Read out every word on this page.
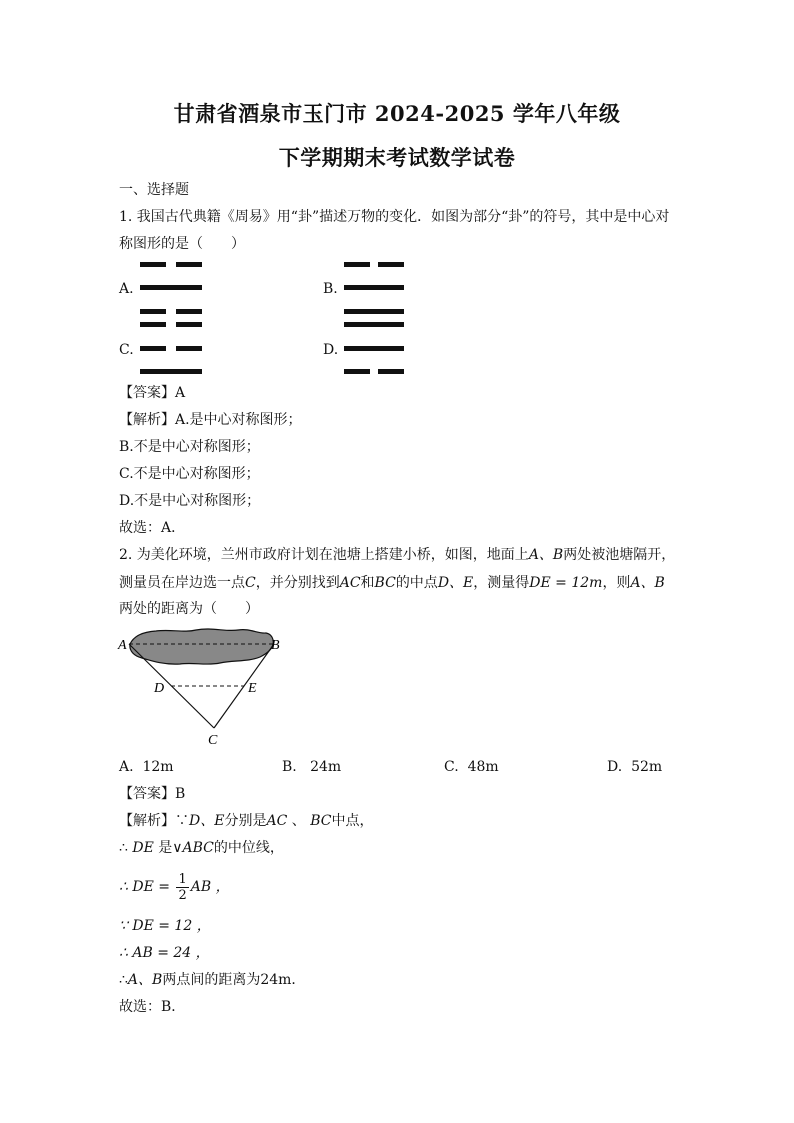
甘肃省酒泉市玉门市 2024-2025 学年八年级
下学期期末考试数学试卷
一、选择题
1. 我国古代典籍《周易》用“卦”描述万物的变化．如图为部分“卦”的符号，其中是中心对
称图形的是（　　）
A.	B.
C.	D.
【答案】A
【解析】A.是中心对称图形；
B.不是中心对称图形；
C.不是中心对称图形；
D.不是中心对称图形；
故选：A．
2. 为美化环境，兰州市政府计划在池塘上搭建小桥，如图，地面上A、B两处被池塘隔开，
测量员在岸边选一点C，并分别找到AC和BC的中点D、E，测量得DE = 12m，则A、B
两处的距离为（　　）
A	B
D	E
C
A. 12m	B. 24m	C. 48m	D. 52m
【答案】B
【解析】∵D、E分别是AC 、 BC中点，
∴ DE 是∨ABC的中位线，
∴ DE = $\frac{1}{2}$ AB ，
∵ DE = 12 ，
∴ AB = 24 ，
∴A、B两点间的距离为24m．
故选：B．
